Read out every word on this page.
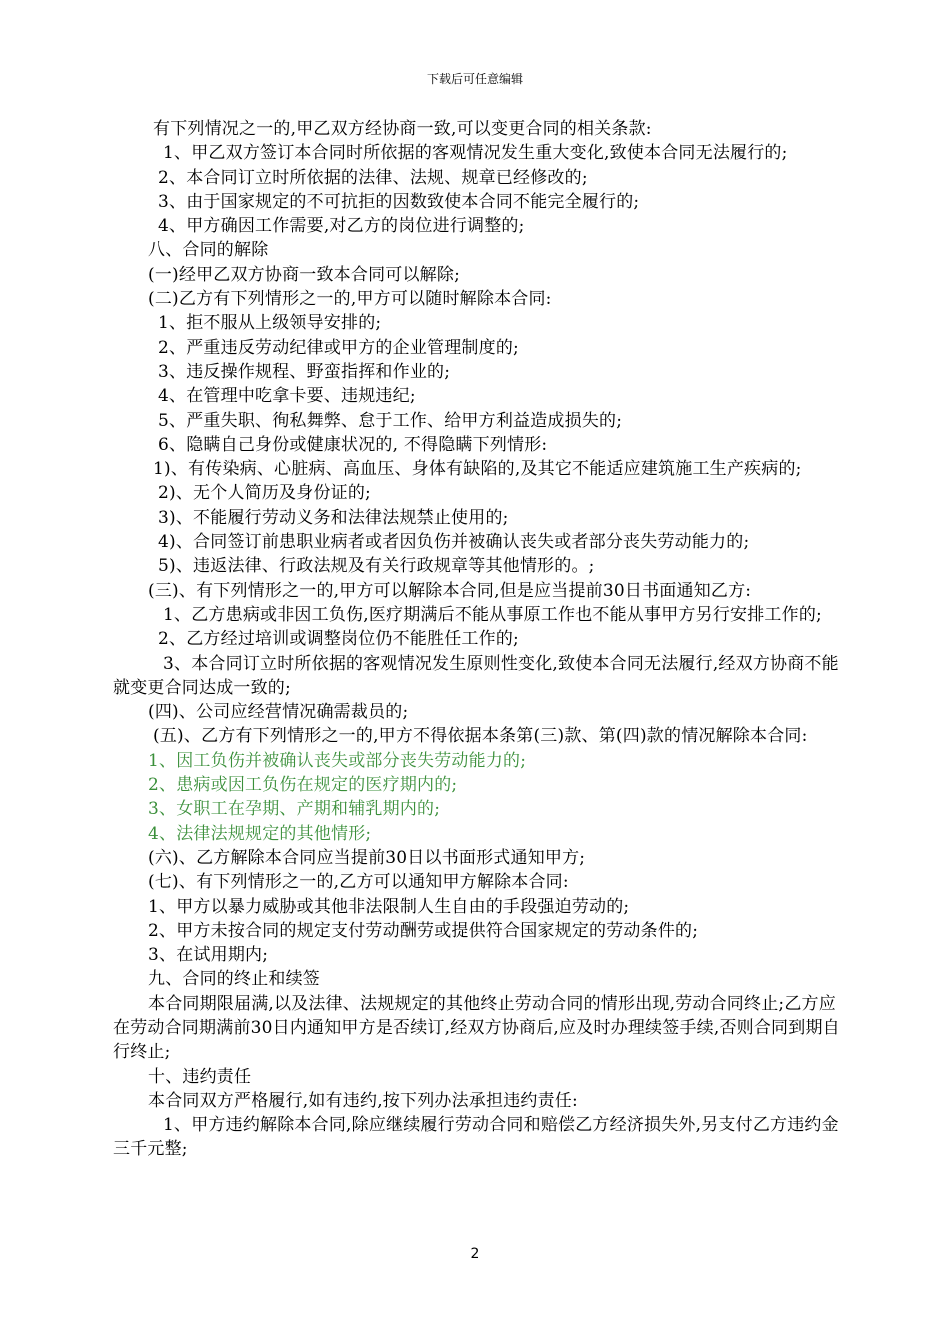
下载后可任意编辑
有下列情况之一的,甲乙双方经协商一致,可以变更合同的相关条款:
1、甲乙双方签订本合同时所依据的客观情况发生重大变化,致使本合同无法履行的;
2、本合同订立时所依据的法律、法规、规章已经修改的;
3、由于国家规定的不可抗拒的因数致使本合同不能完全履行的;
4、甲方确因工作需要,对乙方的岗位进行调整的;
八、合同的解除
(一)经甲乙双方协商一致本合同可以解除;
(二)乙方有下列情形之一的,甲方可以随时解除本合同:
1、拒不服从上级领导安排的;
2、严重违反劳动纪律或甲方的企业管理制度的;
3、违反操作规程、野蛮指挥和作业的;
4、在管理中吃拿卡要、违规违纪;
5、严重失职、徇私舞弊、怠于工作、给甲方利益造成损失的;
6、隐瞒自己身份或健康状况的, 不得隐瞒下列情形:
1)、有传染病、心脏病、高血压、身体有缺陷的,及其它不能适应建筑施工生产疾病的;
2)、无个人简历及身份证的;
3)、不能履行劳动义务和法律法规禁止使用的;
4)、合同签订前患职业病者或者因负伤并被确认丧失或者部分丧失劳动能力的;
5)、违返法律、行政法规及有关行政规章等其他情形的。;
(三)、有下列情形之一的,甲方可以解除本合同,但是应当提前30日书面通知乙方:
1、乙方患病或非因工负伤,医疗期满后不能从事原工作也不能从事甲方另行安排工作的;
2、乙方经过培训或调整岗位仍不能胜任工作的;
3、本合同订立时所依据的客观情况发生原则性变化,致使本合同无法履行,经双方协商不能就变更合同达成一致的;
(四)、公司应经营情况确需裁员的;
(五)、乙方有下列情形之一的,甲方不得依据本条第(三)款、第(四)款的情况解除本合同:
1、因工负伤并被确认丧失或部分丧失劳动能力的;
2、患病或因工负伤在规定的医疗期内的;
3、女职工在孕期、产期和辅乳期内的;
4、法律法规规定的其他情形;
(六)、乙方解除本合同应当提前30日以书面形式通知甲方;
(七)、有下列情形之一的,乙方可以通知甲方解除本合同:
1、甲方以暴力威胁或其他非法限制人生自由的手段强迫劳动的;
2、甲方未按合同的规定支付劳动酬劳或提供符合国家规定的劳动条件的;
3、在试用期内;
九、合同的终止和续签
本合同期限届满,以及法律、法规规定的其他终止劳动合同的情形出现,劳动合同终止;乙方应在劳动合同期满前30日内通知甲方是否续订,经双方协商后,应及时办理续签手续,否则合同到期自行终止;
十、违约责任
本合同双方严格履行,如有违约,按下列办法承担违约责任:
1、甲方违约解除本合同,除应继续履行劳动合同和赔偿乙方经济损失外,另支付乙方违约金三千元整;
2
